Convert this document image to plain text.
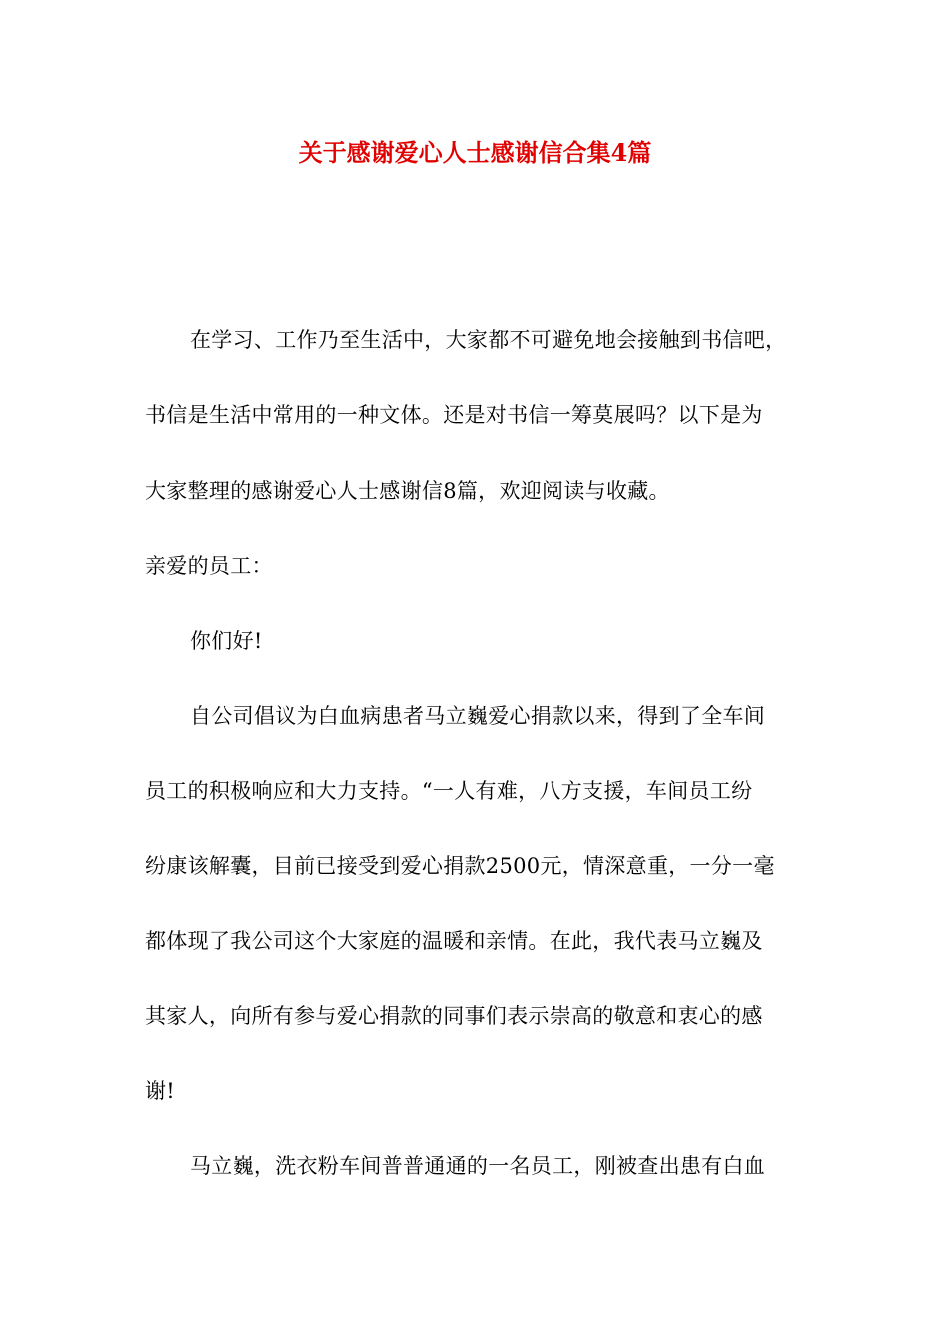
关于感谢爱心人士感谢信合集4篇
在学习、工作乃至生活中，大家都不可避免地会接触到书信吧，
书信是生活中常用的一种文体。还是对书信一筹莫展吗？以下是为
大家整理的感谢爱心人士感谢信8篇，欢迎阅读与收藏。
亲爱的员工：
你们好!
自公司倡议为白血病患者马立巍爱心捐款以来，得到了全车间
员工的积极响应和大力支持。“一人有难，八方支援，车间员工纷
纷康该解囊，目前已接受到爱心捐款2500元，情深意重，一分一毫
都体现了我公司这个大家庭的温暖和亲情。在此，我代表马立巍及
其家人，向所有参与爱心捐款的同事们表示崇高的敬意和衷心的感
谢!
马立巍，洗衣粉车间普普通通的一名员工，刚被查出患有白血
